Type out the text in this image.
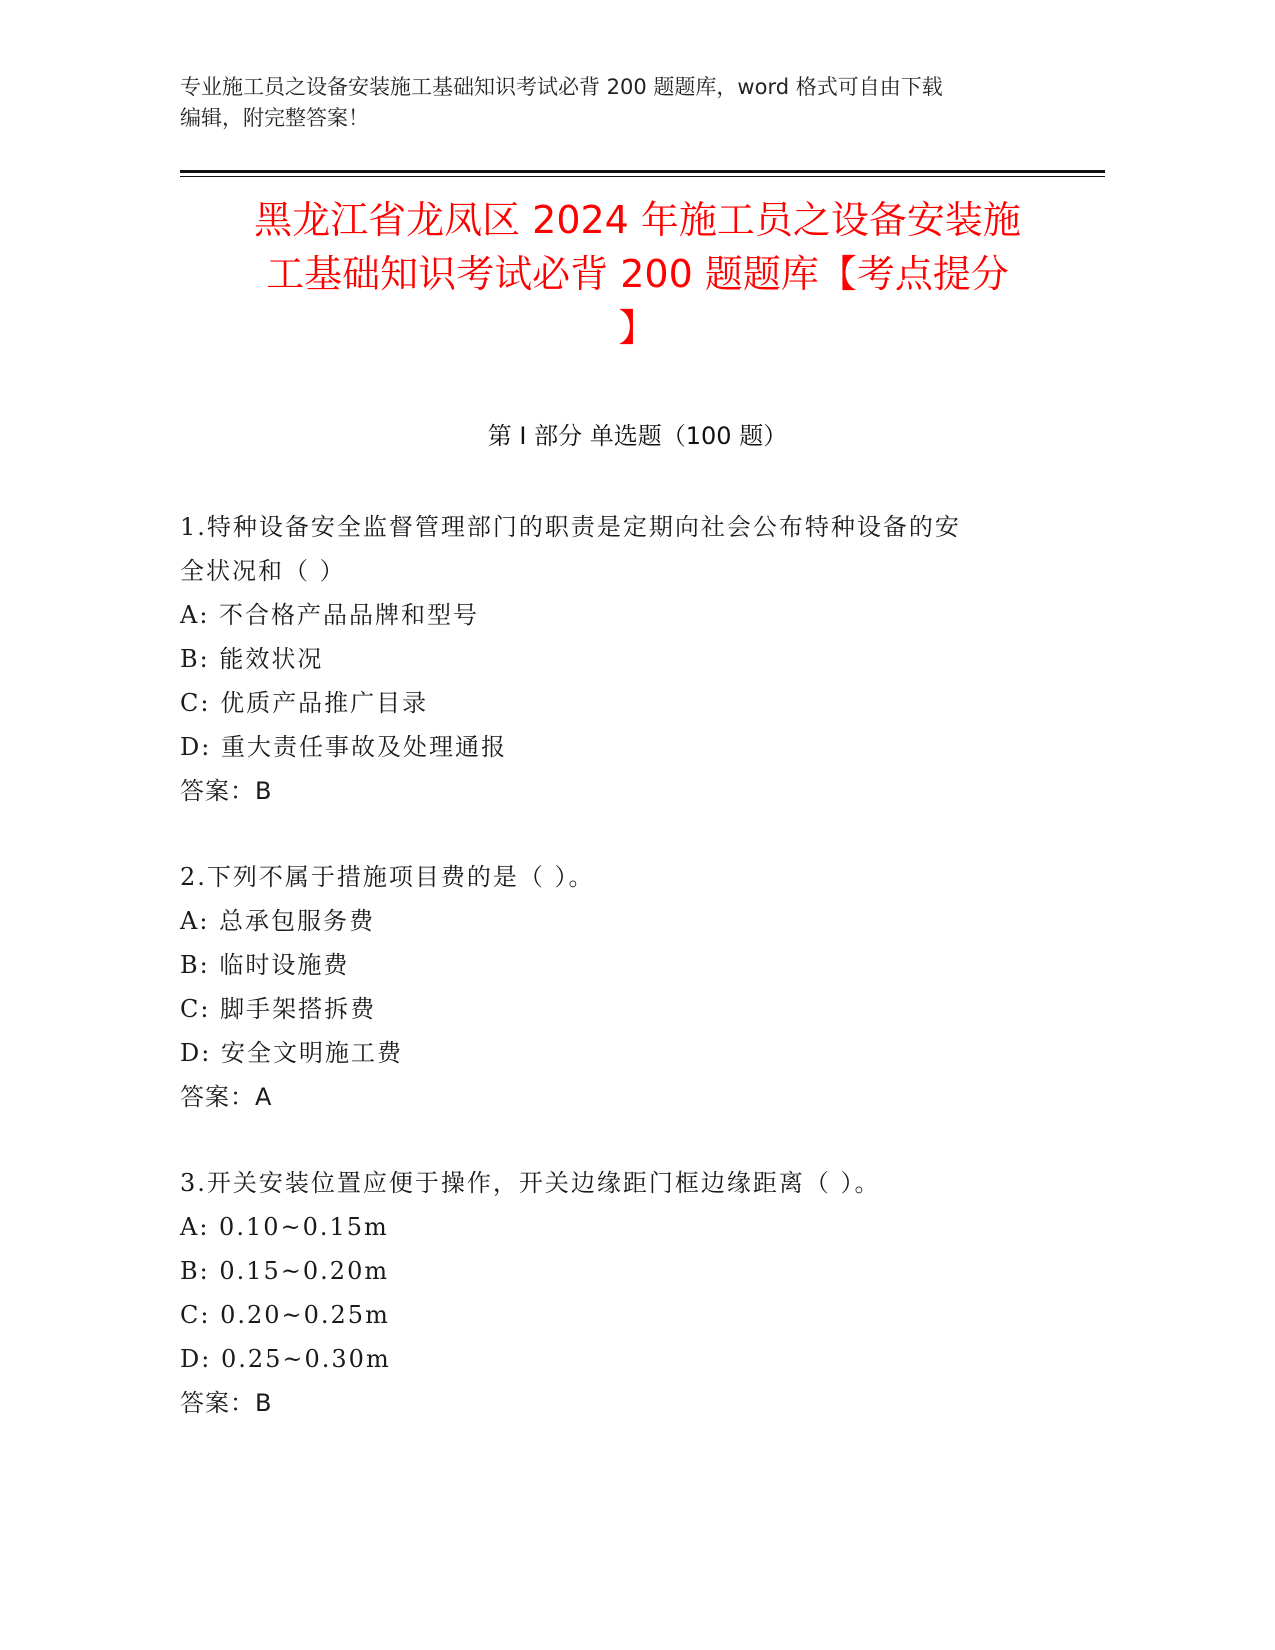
专业施工员之设备安装施工基础知识考试必背 200 题题库，word 格式可自由下载
编辑，附完整答案！
黑龙江省龙凤区 2024 年施工员之设备安装施
工基础知识考试必背 200 题题库【考点提分
】
第 I 部分 单选题（100 题）
1.特种设备安全监督管理部门的职责是定期向社会公布特种设备的安
全状况和（ ）
A: 不合格产品品牌和型号
B: 能效状况
C: 优质产品推广目录
D: 重大责任事故及处理通报
答案：B
2.下列不属于措施项目费的是（ ）。
A: 总承包服务费
B: 临时设施费
C: 脚手架搭拆费
D: 安全文明施工费
答案：A
3.开关安装位置应便于操作，开关边缘距门框边缘距离（ ）。
A: 0.10~0.15m
B: 0.15~0.20m
C: 0.20~0.25m
D: 0.25~0.30m
答案：B
